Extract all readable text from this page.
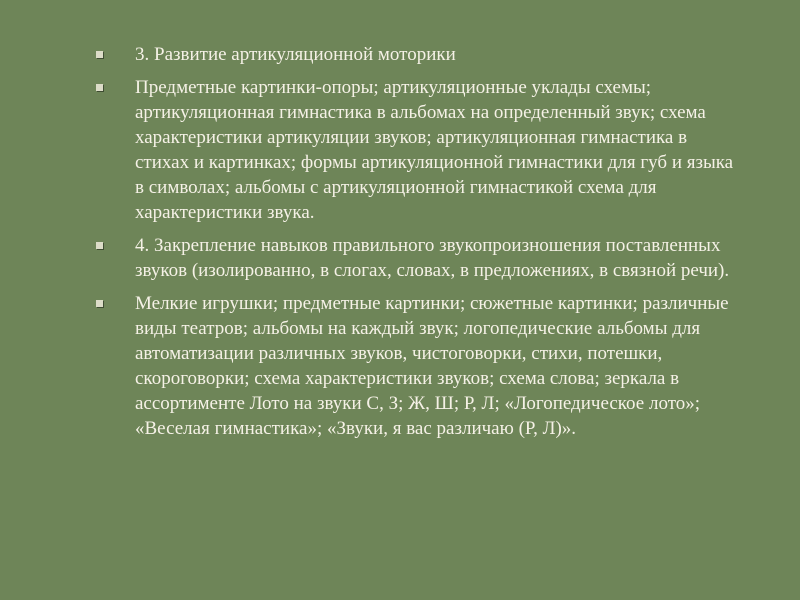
3. Развитие артикуляционной моторики
Предметные картинки-опоры; артикуляционные уклады схемы; артикуляционная гимнастика в альбомах на определенный звук; схема характеристики артикуляции звуков; артикуляционная гимнастика в стихах и картинках; формы артикуляционной гимнастики для губ и языка в символах; альбомы с артикуляционной гимнастикой схема для характеристики звука.
4. Закрепление навыков правильного звукопроизношения поставленных звуков (изолированно, в слогах, словах, в предложениях, в связной речи).
Мелкие игрушки; предметные картинки; сюжетные картинки; различные виды театров; альбомы на каждый звук; логопедические альбомы для автоматизации различных звуков, чистоговорки, стихи, потешки, скороговорки; схема характеристики звуков; схема слова; зеркала в ассортименте Лото на звуки С, З; Ж, Ш; Р, Л; «Логопедическое лото»; «Веселая гимнастика»; «Звуки, я вас различаю (Р, Л)».
